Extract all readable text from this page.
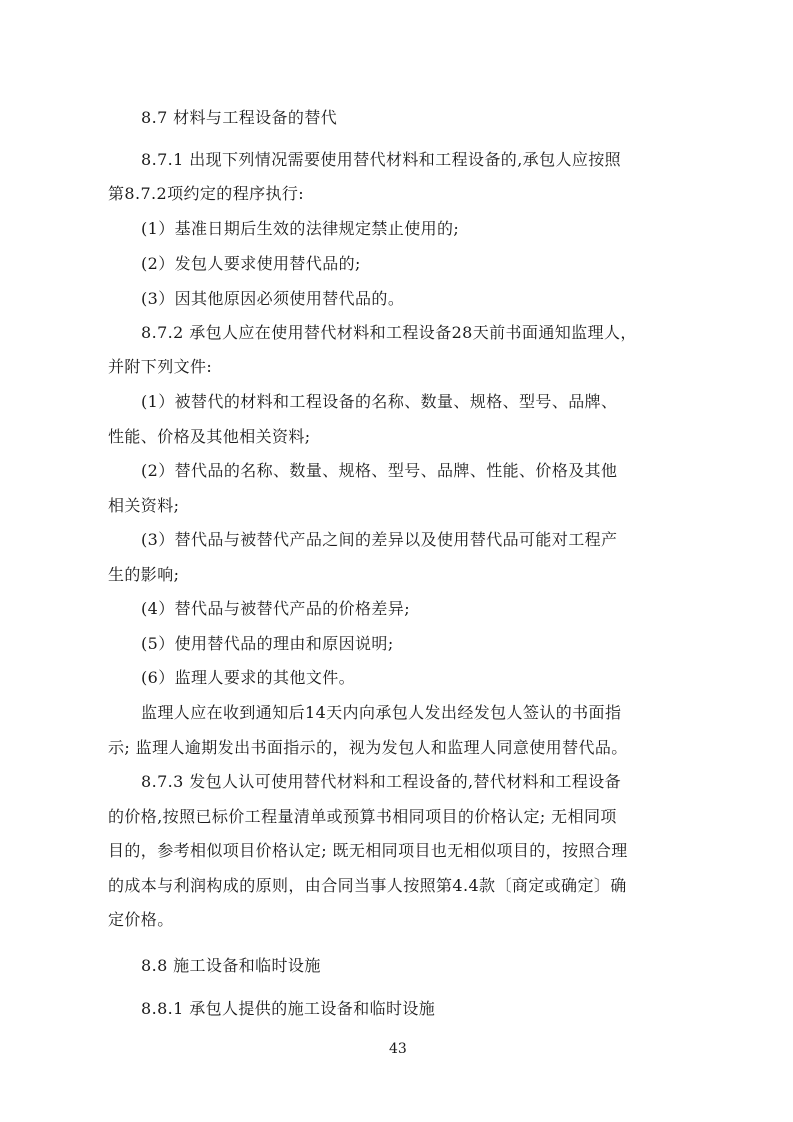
8.7 材料与工程设备的替代
8.7.1 出现下列情况需要使用替代材料和工程设备的,承包人应按照
第8.7.2项约定的程序执行:
(1）基准日期后生效的法律规定禁止使用的;
(2）发包人要求使用替代品的;
(3）因其他原因必须使用替代品的。
8.7.2 承包人应在使用替代材料和工程设备28天前书面通知监理人，
并附下列文件:
(1）被替代的材料和工程设备的名称、数量、规格、型号、品牌、
性能、价格及其他相关资料;
(2）替代品的名称、数量、规格、型号、品牌、性能、价格及其他
相关资料;
(3）替代品与被替代产品之间的差异以及使用替代品可能对工程产
生的影响;
(4）替代品与被替代产品的价格差异;
(5）使用替代品的理由和原因说明;
(6）监理人要求的其他文件。
监理人应在收到通知后14天内向承包人发出经发包人签认的书面指
示; 监理人逾期发出书面指示的，视为发包人和监理人同意使用替代品。
8.7.3 发包人认可使用替代材料和工程设备的,替代材料和工程设备
的价格,按照已标价工程量清单或预算书相同项目的价格认定; 无相同项
目的，参考相似项目价格认定; 既无相同项目也无相似项目的，按照合理
的成本与利润构成的原则，由合同当事人按照第4.4款〔商定或确定〕确
定价格。
8.8 施工设备和临时设施
8.8.1 承包人提供的施工设备和临时设施
43
